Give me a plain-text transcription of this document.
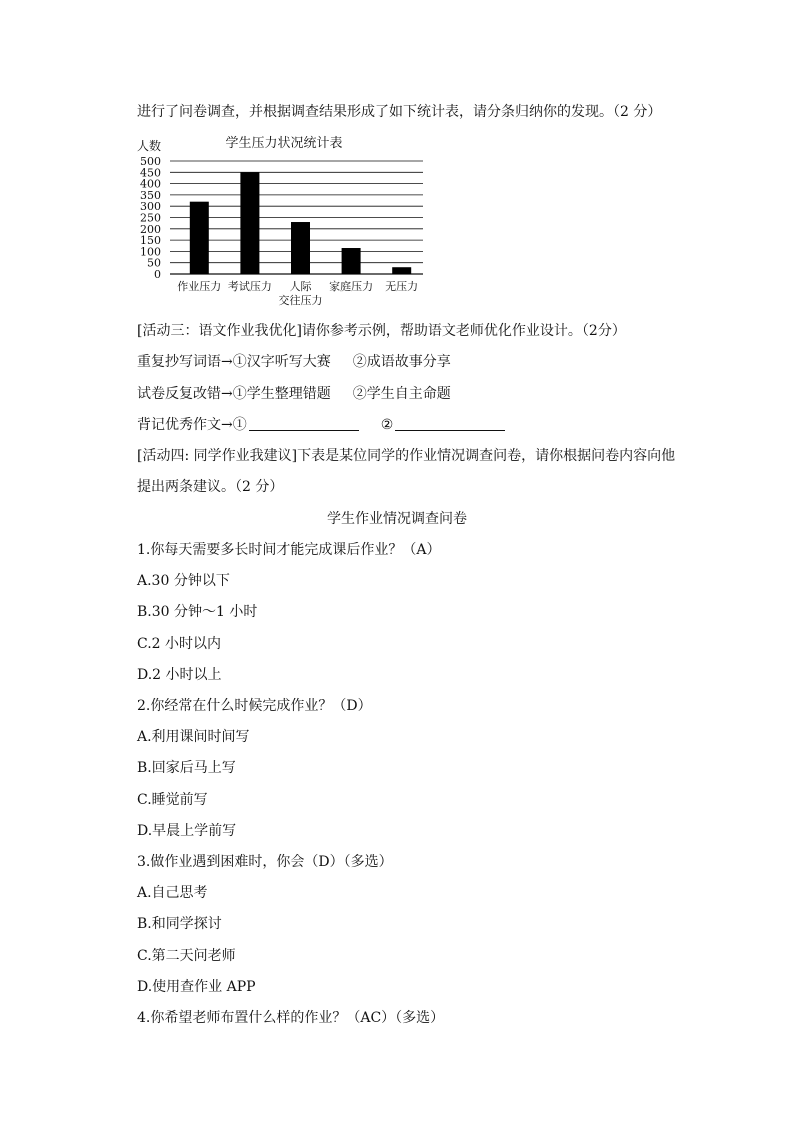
进行了问卷调查，并根据调查结果形成了如下统计表，请分条归纳你的发现。（2 分）
学生压力状况统计表
人数
500
450
400
350
300
250
200
150
100
50
0
作业压力 考试压力 人际
交往压力
家庭压力 无压力
[活动三：语文作业我优化]请你参考示例，帮助语文老师优化作业设计。（2分）
重复抄写词语→①汉字听写大赛 ②成语故事分享
试卷反复改错→①学生整理错题 ②学生自主命题
背记优秀作文→①	②
[活动四: 同学作业我建议]下表是某位同学的作业情况调查问卷，请你根据问卷内容向他
提出两条建议。（2 分）
学生作业情况调查问卷
1.你每天需要多长时间才能完成课后作业？（A）
A.30 分钟以下
B.30 分钟～1 小时
C.2 小时以内
D.2 小时以上
2.你经常在什么时候完成作业？（D）
A.利用课间时间写
B.回家后马上写
C.睡觉前写
D.早晨上学前写
3.做作业遇到困难时，你会（D）（多选）
A.自己思考
B.和同学探讨
C.第二天问老师
D.使用查作业 APP
4.你希望老师布置什么样的作业？（AC）（多选）
